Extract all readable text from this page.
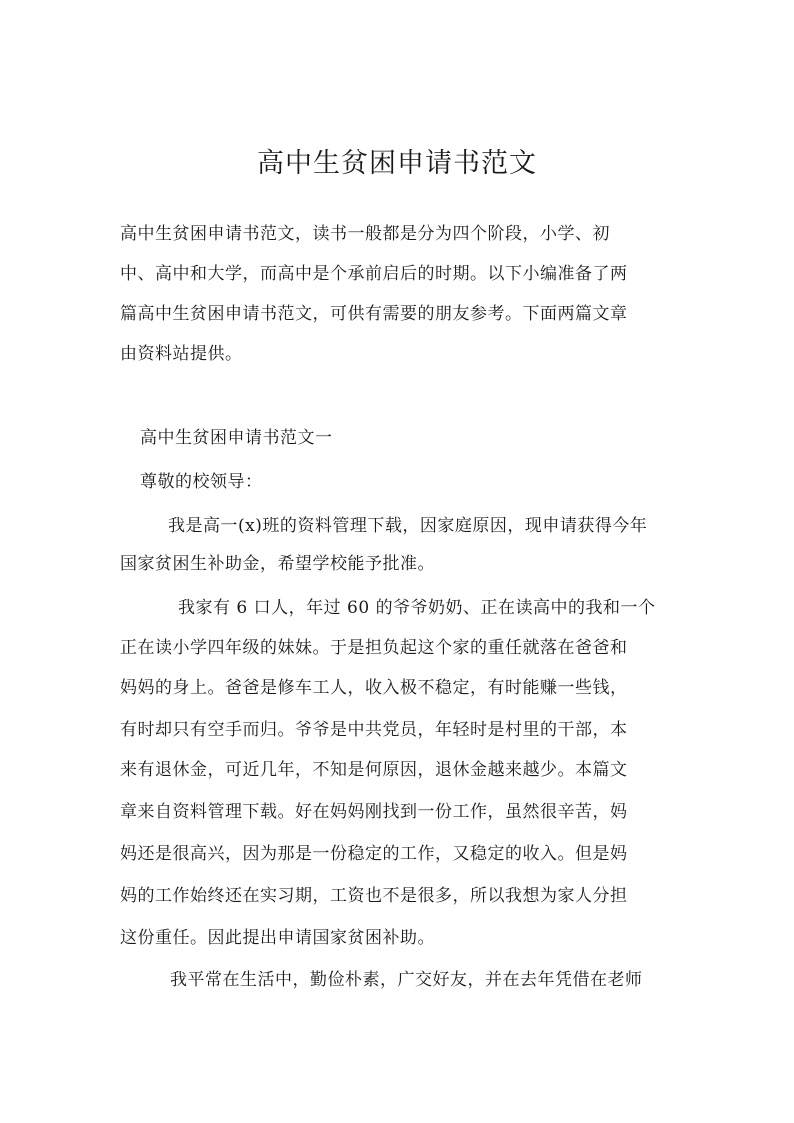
高中生贫困申请书范文

高中生贫困申请书范文，读书一般都是分为四个阶段，小学、初

中、高中和大学，而高中是个承前启后的时期。以下小编准备了两

篇高中生贫困申请书范文，可供有需要的朋友参考。下面两篇文章

由资料站提供。

高中生贫困申请书范文一

尊敬的校领导：

我是高一(x)班的资料管理下载，因家庭原因，现申请获得今年

国家贫困生补助金，希望学校能予批准。

我家有 6 口人，年过 60 的爷爷奶奶、正在读高中的我和一个

正在读小学四年级的妹妹。于是担负起这个家的重任就落在爸爸和

妈妈的身上。爸爸是修车工人，收入极不稳定，有时能赚一些钱，

有时却只有空手而归。爷爷是中共党员，年轻时是村里的干部，本

来有退休金，可近几年，不知是何原因，退休金越来越少。本篇文

章来自资料管理下载。好在妈妈刚找到一份工作，虽然很辛苦，妈

妈还是很高兴，因为那是一份稳定的工作，又稳定的收入。但是妈

妈的工作始终还在实习期，工资也不是很多，所以我想为家人分担

这份重任。因此提出申请国家贫困补助。

我平常在生活中，勤俭朴素，广交好友，并在去年凭借在老师
